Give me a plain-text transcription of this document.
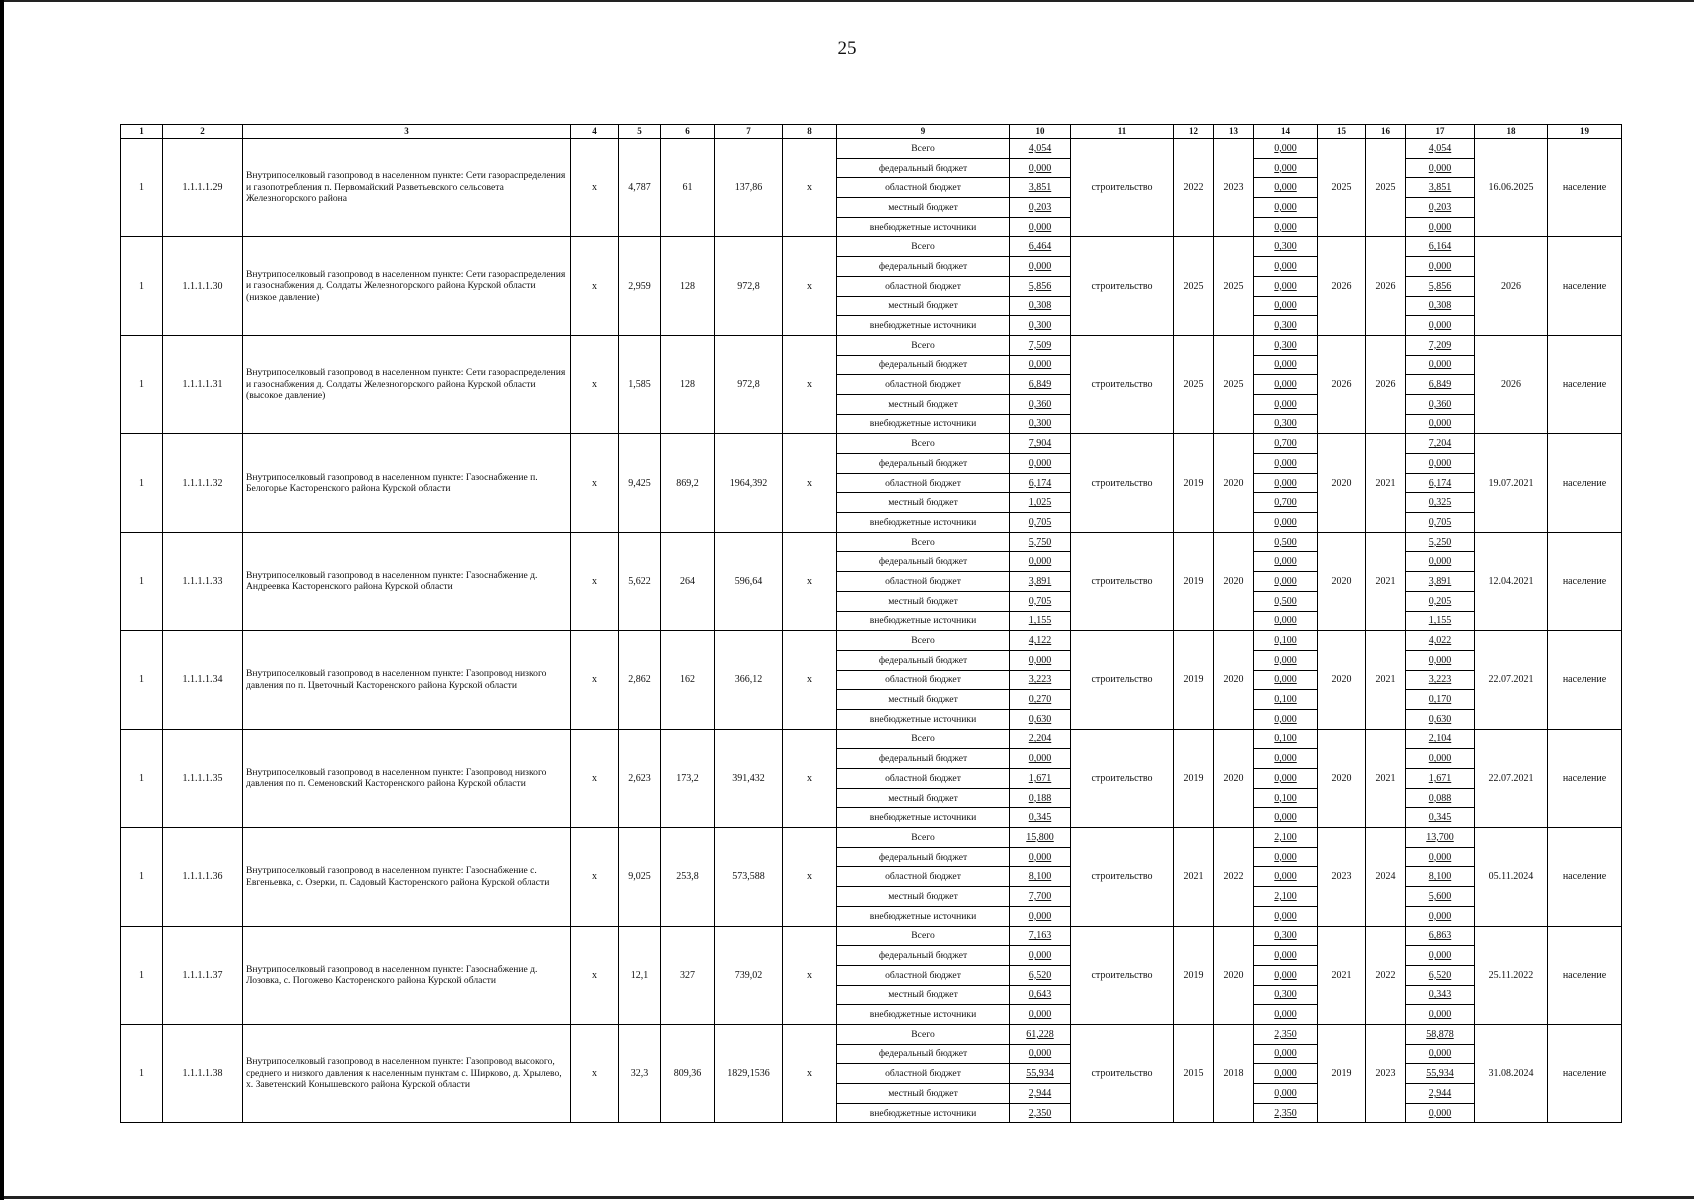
25
1	2	3	4	5	6	7	8	9	10	11	12	13	14	15	16	17	18	19
1	1.1.1.1.29	Внутрипоселковый газопровод в населенном пункте: Сети газораспределения и газопотребления п. Первомайский Разветьевского сельсовета Железногорского района	x	4,787	61	137,86	x	Всего	4,054	строительство	2022	2023	0,000	2025	2025	4,054	16.06.2025	население
								федеральный бюджет	0,000				0,000			0,000		
								областной бюджет	3,851				0,000			3,851		
								местный бюджет	0,203				0,000			0,203		
								внебюджетные источники	0,000				0,000			0,000		
1	1.1.1.1.30	Внутрипоселковый газопровод в населенном пункте: Сети газораспределения и газоснабжения д. Солдаты Железногорского района Курской области (низкое давление)	x	2,959	128	972,8	x	Всего	6,464	строительство	2025	2025	0,300	2026	2026	6,164	2026	население
								федеральный бюджет	0,000				0,000			0,000		
								областной бюджет	5,856				0,000			5,856		
								местный бюджет	0,308				0,000			0,308		
								внебюджетные источники	0,300				0,300			0,000		
1	1.1.1.1.31	Внутрипоселковый газопровод в населенном пункте: Сети газораспределения и газоснабжения д. Солдаты Железногорского района Курской области (высокое давление)	x	1,585	128	972,8	x	Всего	7,509	строительство	2025	2025	0,300	2026	2026	7,209	2026	население
								федеральный бюджет	0,000				0,000			0,000		
								областной бюджет	6,849				0,000			6,849		
								местный бюджет	0,360				0,000			0,360		
								внебюджетные источники	0,300				0,300			0,000		
1	1.1.1.1.32	Внутрипоселковый газопровод в населенном пункте: Газоснабжение п. Белогорье Касторенского района Курской области	x	9,425	869,2	1964,392	x	Всего	7,904	строительство	2019	2020	0,700	2020	2021	7,204	19.07.2021	население
								федеральный бюджет	0,000				0,000			0,000		
								областной бюджет	6,174				0,000			6,174		
								местный бюджет	1,025				0,700			0,325		
								внебюджетные источники	0,705				0,000			0,705		
1	1.1.1.1.33	Внутрипоселковый газопровод в населенном пункте: Газоснабжение д. Андреевка Касторенского района Курской области	x	5,622	264	596,64	x	Всего	5,750	строительство	2019	2020	0,500	2020	2021	5,250	12.04.2021	население
								федеральный бюджет	0,000				0,000			0,000		
								областной бюджет	3,891				0,000			3,891		
								местный бюджет	0,705				0,500			0,205		
								внебюджетные источники	1,155				0,000			1,155		
1	1.1.1.1.34	Внутрипоселковый газопровод в населенном пункте: Газопровод низкого давления по п. Цветочный Касторенского района Курской области	x	2,862	162	366,12	x	Всего	4,122	строительство	2019	2020	0,100	2020	2021	4,022	22.07.2021	население
								федеральный бюджет	0,000				0,000			0,000		
								областной бюджет	3,223				0,000			3,223		
								местный бюджет	0,270				0,100			0,170		
								внебюджетные источники	0,630				0,000			0,630		
1	1.1.1.1.35	Внутрипоселковый газопровод в населенном пункте: Газопровод низкого давления по п. Семеновский Касторенского района Курской области	x	2,623	173,2	391,432	x	Всего	2,204	строительство	2019	2020	0,100	2020	2021	2,104	22.07.2021	население
								федеральный бюджет	0,000				0,000			0,000		
								областной бюджет	1,671				0,000			1,671		
								местный бюджет	0,188				0,100			0,088		
								внебюджетные источники	0,345				0,000			0,345		
1	1.1.1.1.36	Внутрипоселковый газопровод в населенном пункте: Газоснабжение с. Евгеньевка, с. Озерки, п. Садовый Касторенского района Курской области	x	9,025	253,8	573,588	x	Всего	15,800	строительство	2021	2022	2,100	2023	2024	13,700	05.11.2024	население
								федеральный бюджет	0,000				0,000			0,000		
								областной бюджет	8,100				0,000			8,100		
								местный бюджет	7,700				2,100			5,600		
								внебюджетные источники	0,000				0,000			0,000		
1	1.1.1.1.37	Внутрипоселковый газопровод в населенном пункте: Газоснабжение д. Лозовка, с. Погожево Касторенского района Курской области	x	12,1	327	739,02	x	Всего	7,163	строительство	2019	2020	0,300	2021	2022	6,863	25.11.2022	население
								федеральный бюджет	0,000				0,000			0,000		
								областной бюджет	6,520				0,000			6,520		
								местный бюджет	0,643				0,300			0,343		
								внебюджетные источники	0,000				0,000			0,000		
1	1.1.1.1.38	Внутрипоселковый газопровод в населенном пункте: Газопровод высокого, среднего и низкого давления к населенным пунктам с. Ширково, д. Хрылево, х. Заветенский Конышевского района Курской области	x	32,3	809,36	1829,1536	x	Всего	61,228	строительство	2015	2018	2,350	2019	2023	58,878	31.08.2024	население
								федеральный бюджет	0,000				0,000			0,000		
								областной бюджет	55,934				0,000			55,934		
								местный бюджет	2,944				0,000			2,944		
								внебюджетные источники	2,350				2,350			0,000		
